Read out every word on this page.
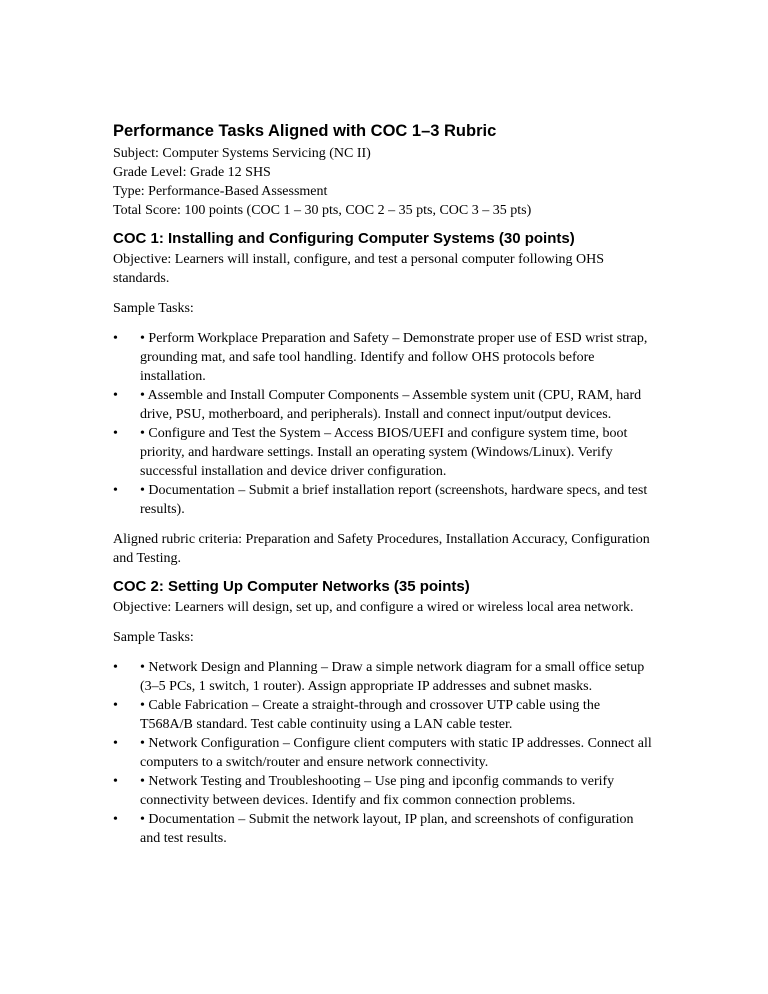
Performance Tasks Aligned with COC 1–3 Rubric

Subject: Computer Systems Servicing (NC II)

Grade Level: Grade 12 SHS

Type: Performance-Based Assessment

Total Score: 100 points (COC 1 – 30 pts, COC 2 – 35 pts, COC 3 – 35 pts)

COC 1: Installing and Configuring Computer Systems (30 points)

Objective: Learners will install, configure, and test a personal computer following OHS standards.

Sample Tasks:

• • Perform Workplace Preparation and Safety – Demonstrate proper use of ESD wrist strap, grounding mat, and safe tool handling. Identify and follow OHS protocols before installation.
• • Assemble and Install Computer Components – Assemble system unit (CPU, RAM, hard drive, PSU, motherboard, and peripherals). Install and connect input/output devices.
• • Configure and Test the System – Access BIOS/UEFI and configure system time, boot priority, and hardware settings. Install an operating system (Windows/Linux). Verify successful installation and device driver configuration.
• • Documentation – Submit a brief installation report (screenshots, hardware specs, and test results).

Aligned rubric criteria: Preparation and Safety Procedures, Installation Accuracy, Configuration and Testing.

COC 2: Setting Up Computer Networks (35 points)

Objective: Learners will design, set up, and configure a wired or wireless local area network.

Sample Tasks:

• • Network Design and Planning – Draw a simple network diagram for a small office setup (3–5 PCs, 1 switch, 1 router). Assign appropriate IP addresses and subnet masks.
• • Cable Fabrication – Create a straight-through and crossover UTP cable using the T568A/B standard. Test cable continuity using a LAN cable tester.
• • Network Configuration – Configure client computers with static IP addresses. Connect all computers to a switch/router and ensure network connectivity.
• • Network Testing and Troubleshooting – Use ping and ipconfig commands to verify connectivity between devices. Identify and fix common connection problems.
• • Documentation – Submit the network layout, IP plan, and screenshots of configuration and test results.
